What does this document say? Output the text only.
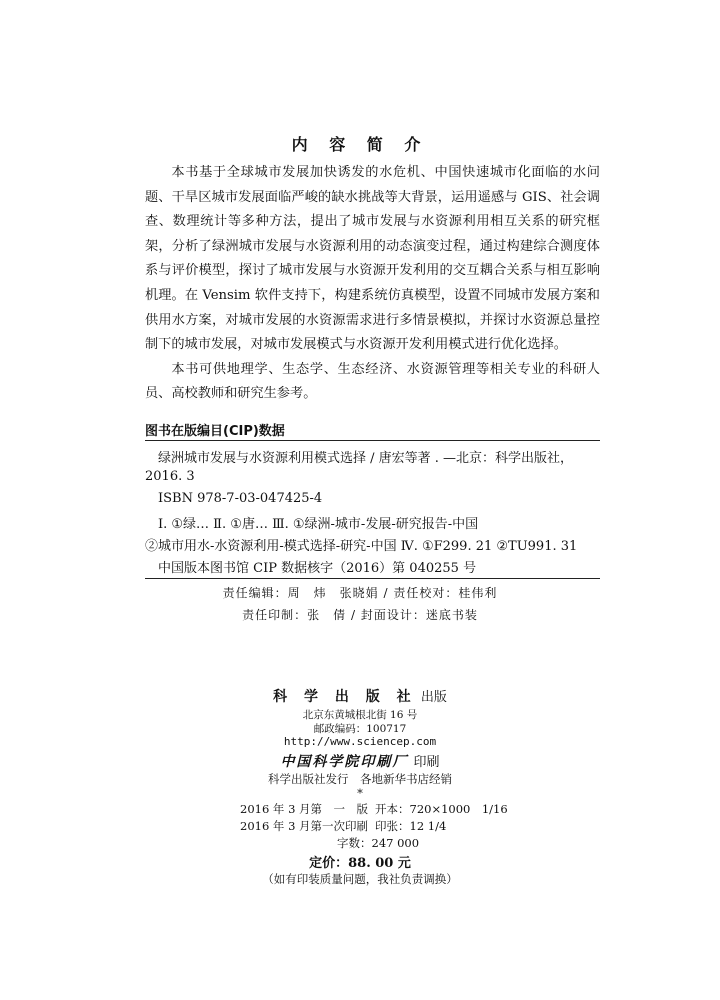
内 容 简 介

本书基于全球城市发展加快诱发的水危机、中国快速城市化面临的水问题、干旱区城市发展面临严峻的缺水挑战等大背景，运用遥感与 GIS、社会调查、数理统计等多种方法，提出了城市发展与水资源利用相互关系的研究框架，分析了绿洲城市发展与水资源利用的动态演变过程，通过构建综合测度体系与评价模型，探讨了城市发展与水资源开发利用的交互耦合关系与相互影响机理。在 Vensim 软件支持下，构建系统仿真模型，设置不同城市发展方案和供用水方案，对城市发展的水资源需求进行多情景模拟，并探讨水资源总量控制下的城市发展，对城市发展模式与水资源开发利用模式进行优化选择。

本书可供地理学、生态学、生态经济、水资源管理等相关专业的科研人员、高校教师和研究生参考。

图书在版编目(CIP)数据
绿洲城市发展与水资源利用模式选择 / 唐宏等著 . —北京：科学出版社，
2016. 3
ISBN 978-7-03-047425-4
Ⅰ. ①绿… Ⅱ. ①唐… Ⅲ. ①绿洲-城市-发展-研究报告-中国
②城市用水-水资源利用-模式选择-研究-中国 Ⅳ. ①F299. 21 ②TU991. 31
中国版本图书馆 CIP 数据核字（2016）第 040255 号
责任编辑：周　炜　张晓娟 / 责任校对：桂伟利
责任印制：张　倩 / 封面设计：迷底书装
科 学 出 版 社 出版
北京东黄城根北街 16 号
邮政编码：100717
http://www.sciencep.com
中国科学院印刷厂 印刷
科学出版社发行　各地新华书店经销
*
2016 年 3 月第　一　版 开本：720×1000　1/16
2016 年 3 月第一次印刷 印张：12 1/4
字数：247 000
定价：88. 00 元
（如有印装质量问题，我社负责调换）
